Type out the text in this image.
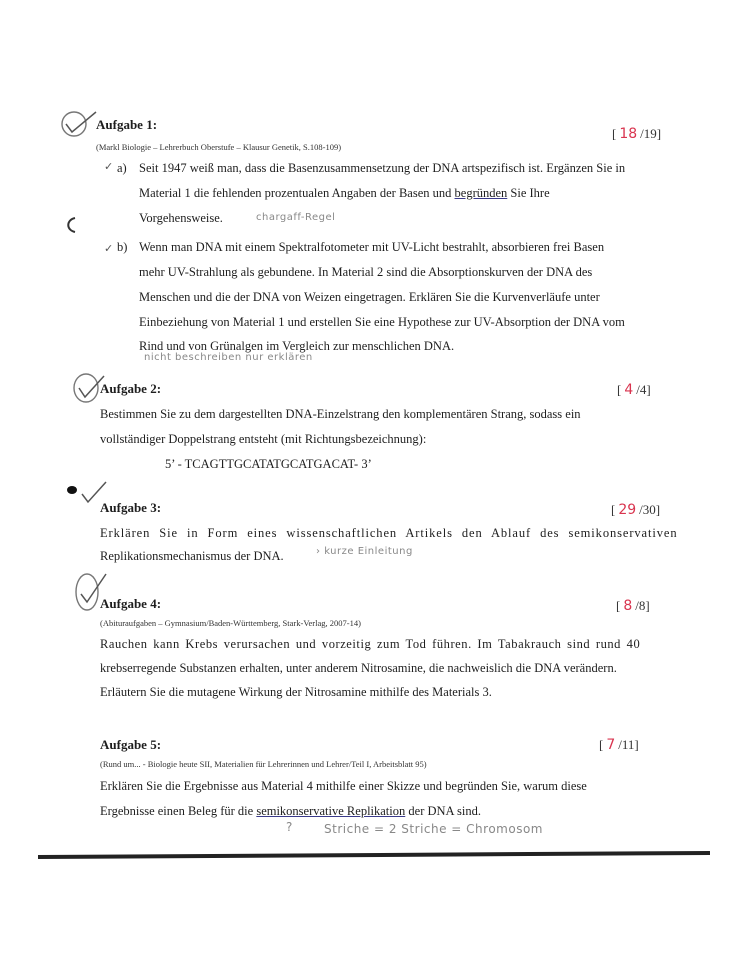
Aufgabe 1:
(Markl Biologie – Lehrerbuch Oberstufe – Klausur Genetik, S.108-109)
[ 18 /19]
✓ a) Seit 1947 weiß man, dass die Basenzusammensetzung der DNA artspezifisch ist. Ergänzen Sie in
Material 1 die fehlenden prozentualen Angaben der Basen und begründen Sie Ihre
Vorgehensweise.	chargaff-Regel
✓ b) Wenn man DNA mit einem Spektralfotometer mit UV-Licht bestrahlt, absorbieren frei Basen
mehr UV-Strahlung als gebundene. In Material 2 sind die Absorptionskurven der DNA des
Menschen und die der DNA von Weizen eingetragen. Erklären Sie die Kurvenverläufe unter
Einbeziehung von Material 1 und erstellen Sie eine Hypothese zur UV-Absorption der DNA vom
Rind und von Grünalgen im Vergleich zur menschlichen DNA.
nicht beschreiben nur erklären
Aufgabe 2:	[ 4 /4]
Bestimmen Sie zu dem dargestellten DNA-Einzelstrang den komplementären Strang, sodass ein
vollständiger Doppelstrang entsteht (mit Richtungsbezeichnung):
5’ - TCAGTTGCATATGCATGACAT- 3’
Aufgabe 3:	[ 29 /30]
Erklären Sie in Form eines wissenschaftlichen Artikels den Ablauf des semikonservativen
Replikationsmechanismus der DNA.	› kurze Einleitung
Aufgabe 4:
(Abituraufgaben – Gymnasium/Baden-Württemberg, Stark-Verlag, 2007-14)
[ 8 /8]
Rauchen kann Krebs verursachen und vorzeitig zum Tod führen. Im Tabakrauch sind rund 40
krebserregende Substanzen erhalten, unter anderem Nitrosamine, die nachweislich die DNA verändern.
Erläutern Sie die mutagene Wirkung der Nitrosamine mithilfe des Materials 3.
Aufgabe 5:
(Rund um... - Biologie heute SII, Materialien für Lehrerinnen und Lehrer/Teil I, Arbeitsblatt 95)
[ 7 /11]
Erklären Sie die Ergebnisse aus Material 4 mithilfe einer Skizze und begründen Sie, warum diese
Ergebnisse einen Beleg für die semikonservative Replikation der DNA sind.
?	Striche = 2 Striche = Chromosom
